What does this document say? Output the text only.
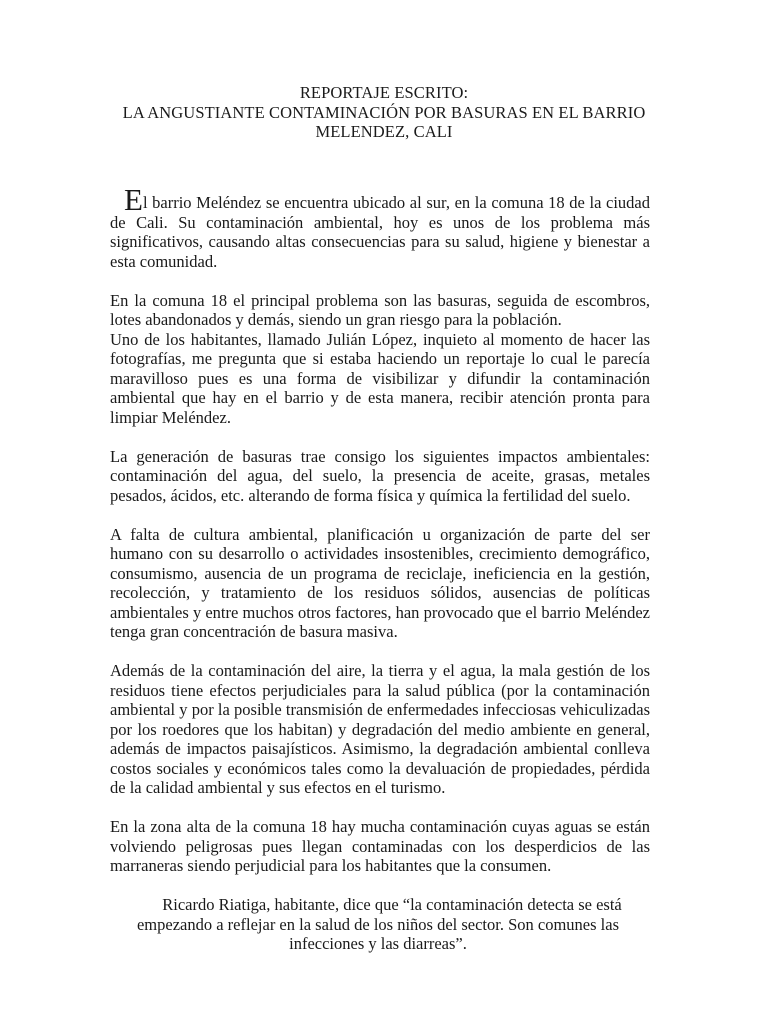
REPORTAJE ESCRITO:
LA ANGUSTIANTE CONTAMINACIÓN POR BASURAS EN EL BARRIO
MELENDEZ, CALI

El barrio Meléndez se encuentra ubicado al sur, en la comuna 18 de la ciudad de Cali. Su contaminación ambiental, hoy es unos de los problema más significativos, causando altas consecuencias para su salud, higiene y bienestar a esta comunidad.

En la comuna 18 el principal problema son las basuras, seguida de escombros, lotes abandonados y demás, siendo un gran riesgo para la población.
Uno de los habitantes, llamado Julián López, inquieto al momento de hacer las fotografías, me pregunta que si estaba haciendo un reportaje lo cual le parecía maravilloso pues es una forma de visibilizar y difundir la contaminación ambiental que hay en el barrio y de esta manera, recibir atención pronta para limpiar Meléndez.

La generación de basuras trae consigo los siguientes impactos ambientales: contaminación del agua, del suelo, la presencia de aceite, grasas, metales pesados, ácidos, etc. alterando de forma física y química la fertilidad del suelo.

A falta de cultura ambiental, planificación u organización de parte del ser humano con su desarrollo o actividades insostenibles, crecimiento demográfico, consumismo, ausencia de un programa de reciclaje, ineficiencia en la gestión, recolección, y tratamiento de los residuos sólidos, ausencias de políticas ambientales y entre muchos otros factores, han provocado que el barrio Meléndez tenga gran concentración de basura masiva.

Además de la contaminación del aire, la tierra y el agua, la mala gestión de los residuos tiene efectos perjudiciales para la salud pública (por la contaminación ambiental y por la posible transmisión de enfermedades infecciosas vehiculizadas por los roedores que los habitan) y degradación del medio ambiente en general, además de impactos paisajísticos. Asimismo, la degradación ambiental conlleva costos sociales y económicos tales como la devaluación de propiedades, pérdida de la calidad ambiental y sus efectos en el turismo.

En la zona alta de la comuna 18 hay mucha contaminación cuyas aguas se están volviendo peligrosas pues llegan contaminadas con los desperdicios de las marraneras siendo perjudicial para los habitantes que la consumen.

Ricardo Riatiga, habitante, dice que “la contaminación detecta se está empezando a reflejar en la salud de los niños del sector. Son comunes las infecciones y las diarreas”.
